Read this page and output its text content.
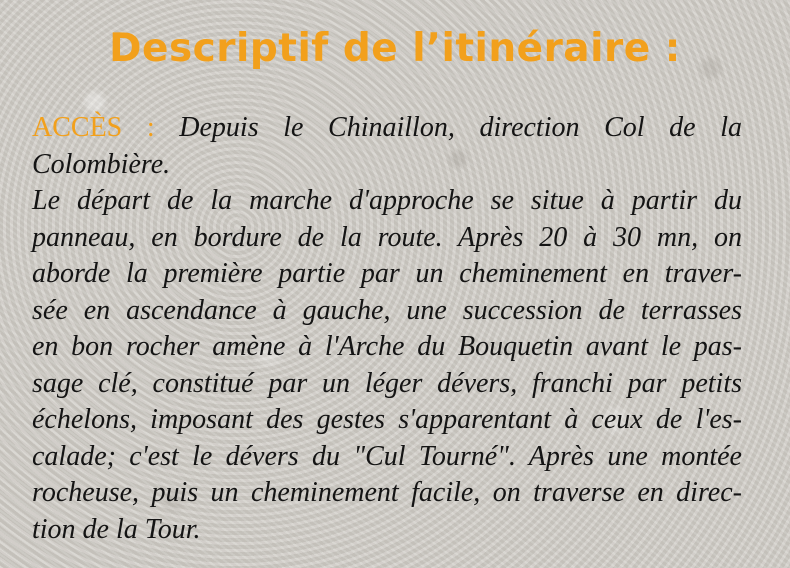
Descriptif de l’itinéraire :
ACCÈS : Depuis le Chinaillon, direction Col de la
Colombière.
Le départ de la marche d'approche se situe à partir du
panneau, en bordure de la route. Après 20 à 30 mn, on
aborde la première partie par un cheminement en traver-
sée en ascendance à gauche, une succession de terrasses
en bon rocher amène à l'Arche du Bouquetin avant le pas-
sage clé, constitué par un léger dévers, franchi par petits
échelons, imposant des gestes s'apparentant à ceux de l'es-
calade; c'est le dévers du "Cul Tourné". Après une montée
rocheuse, puis un cheminement facile, on traverse en direc-
tion de la Tour.
